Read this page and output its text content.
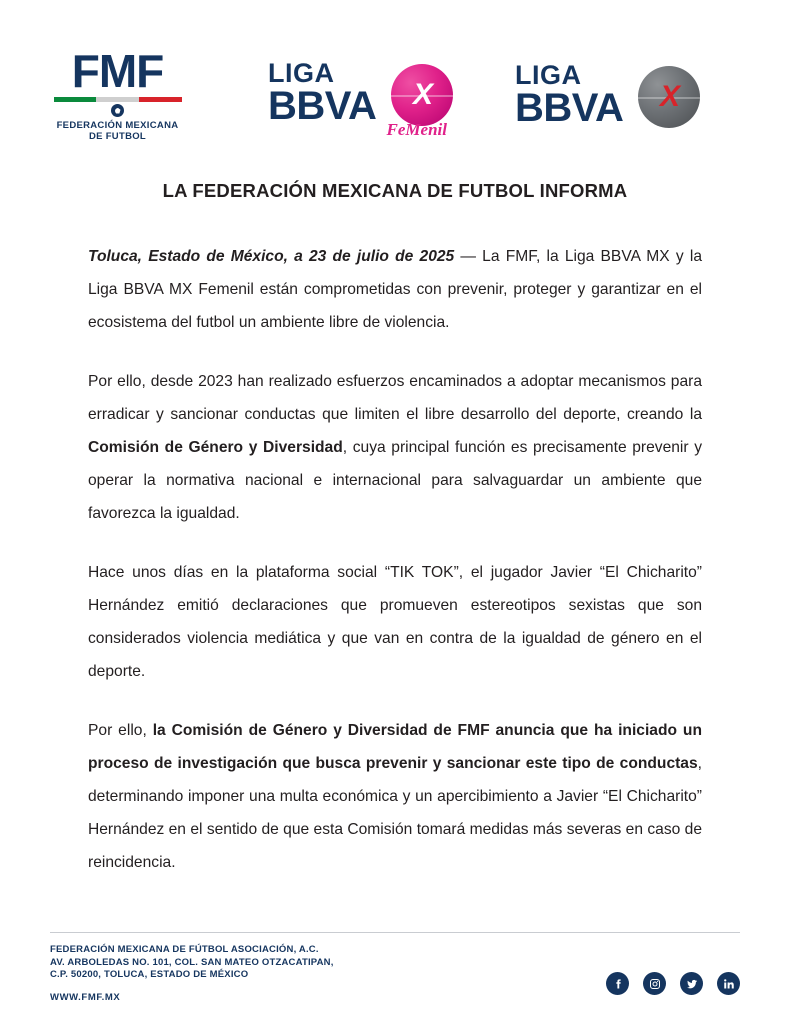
FMF
FEDERACIÓN MEXICANA
DE FUTBOL
LIGA
BBVA	X
FeMenil
LIGA
BBVA	X
LA FEDERACIÓN MEXICANA DE FUTBOL INFORMA

Toluca, Estado de México, a 23 de julio de 2025 — La FMF, la Liga BBVA MX y la Liga BBVA MX Femenil están comprometidas con prevenir, proteger y garantizar en el ecosistema del futbol un ambiente libre de violencia.

Por ello, desde 2023 han realizado esfuerzos encaminados a adoptar mecanismos para erradicar y sancionar conductas que limiten el libre desarrollo del deporte, creando la Comisión de Género y Diversidad, cuya principal función es precisamente prevenir y operar la normativa nacional e internacional para salvaguardar un ambiente que favorezca la igualdad.

Hace unos días en la plataforma social “TIK TOK”, el jugador Javier “El Chicharito” Hernández emitió declaraciones que promueven estereotipos sexistas que son considerados violencia mediática y que van en contra de la igualdad de género en el deporte.

Por ello, la Comisión de Género y Diversidad de FMF anuncia que ha iniciado un proceso de investigación que busca prevenir y sancionar este tipo de conductas, determinando imponer una multa económica y un apercibimiento a Javier “El Chicharito” Hernández en el sentido de que esta Comisión tomará medidas más severas en caso de reincidencia.

FEDERACIÓN MEXICANA DE FÚTBOL ASOCIACIÓN, A.C.
AV. ARBOLEDAS NO. 101, COL. SAN MATEO OTZACATIPAN,
C.P. 50200, TOLUCA, ESTADO DE MÉXICO
WWW.FMF.MX
